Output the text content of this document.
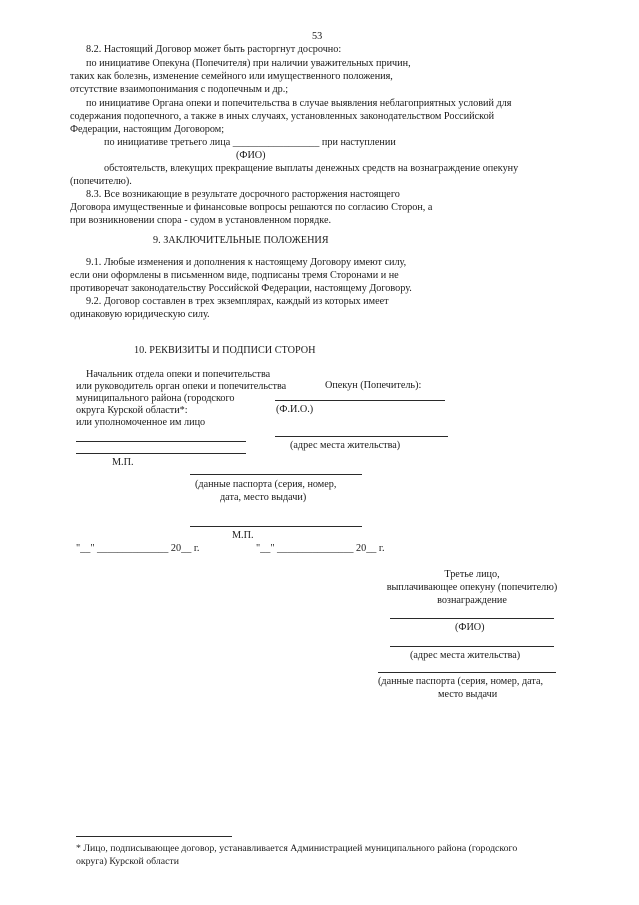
53
8.2. Настоящий Договор может быть расторгнут досрочно:
по инициативе Опекуна (Попечителя) при наличии уважительных причин,
таких как болезнь, изменение семейного или имущественного положения,
отсутствие взаимопонимания с подопечным и др.;
по инициативе Органа опеки и попечительства в случае выявления неблагоприятных условий для
содержания подопечного, а также в иных случаях, установленных законодательством Российской
Федерации, настоящим Договором;
по инициативе третьего лица _________________ при наступлении
(ФИО)
обстоятельств, влекущих прекращение выплаты денежных средств на вознаграждение опекуну
(попечителю).
8.3. Все возникающие в результате досрочного расторжения настоящего
Договора имущественные и финансовые вопросы решаются по согласию Сторон, а
при возникновении спора - судом в установленном порядке.
9. ЗАКЛЮЧИТЕЛЬНЫЕ ПОЛОЖЕНИЯ
9.1. Любые изменения и дополнения к настоящему Договору имеют силу,
если они оформлены в письменном виде, подписаны тремя Сторонами и не
противоречат законодательству Российской Федерации, настоящему Договору.
9.2. Договор составлен в трех экземплярах, каждый из которых имеет
одинаковую юридическую силу.
10. РЕКВИЗИТЫ И ПОДПИСИ СТОРОН
Начальник отдела опеки и попечительства
или руководитель орган опеки и попечительства
муниципального района (городского
округа Курской области*:
или уполномоченное им лицо
М.П.
Опекун (Попечитель):
(Ф.И.О.)
(адрес места жительства)
(данные паспорта (серия, номер,
дата, место выдачи)
М.П.
"__" ______________ 20__ г.	"__" _______________ 20__ г.
Третье лицо,
выплачивающее опекуну (попечителю)
вознаграждение
(ФИО)
(адрес места жительства)
(данные паспорта (серия, номер, дата,
место выдачи
* Лицо, подписывающее договор, устанавливается Администрацией муниципального района (городского
округа) Курской области
